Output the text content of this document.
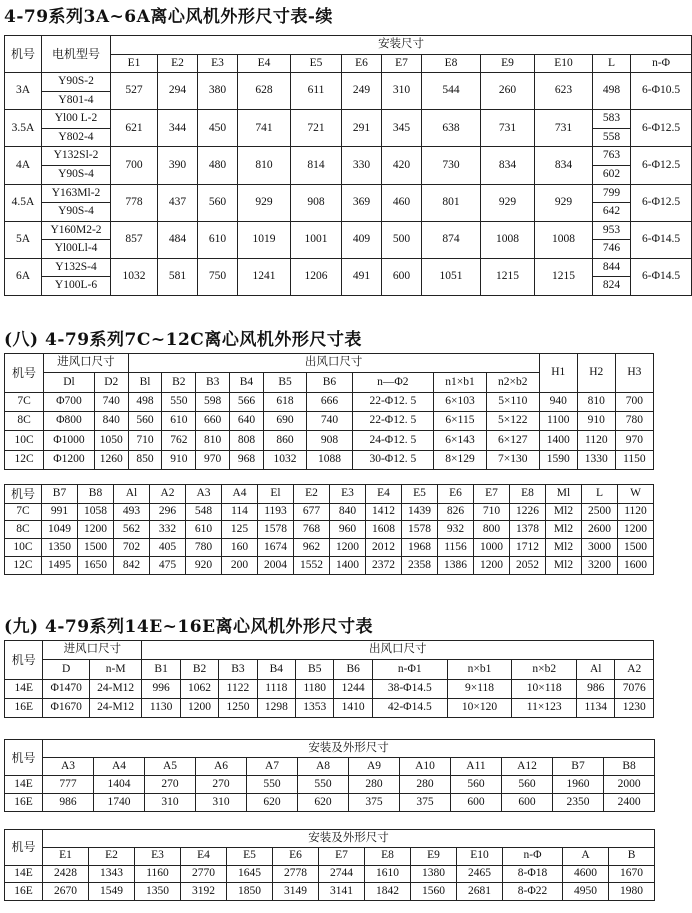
4-79系列3A~6A离心风机外形尺寸表-续
机号	电机型号	安装尺寸											
		E1	E2	E3	E4	E5	E6	E7	E8	E9	E10	L	n-Φ
3A	Y90S-2	527	294	380	628	611	249	310	544	260	623	498	6-Φ10.5
	Y801-4												
3.5A	Yl00 L-2	621	344	450	741	721	291	345	638	731	731	583	6-Φ12.5
	Y802-4											558	
4A	Y132Sl-2	700	390	480	810	814	330	420	730	834	834	763	6-Φ12.5
	Y90S-4											602	
4.5A	Y163Ml-2	778	437	560	929	908	369	460	801	929	929	799	6-Φ12.5
	Y90S-4											642	
5A	Y160M2-2	857	484	610	1019	1001	409	500	874	1008	1008	953	6-Φ14.5
	Yl00Ll-4											746	
6A	Y132S-4	1032	581	750	1241	1206	491	600	1051	1215	1215	844	6-Φ14.5
	Y100L-6											824	
(八) 4-79系列7C~12C离心风机外形尺寸表
机号	进风口尺寸		出风口尺寸									H1	H2	H3
	Dl	D2	Bl	B2	B3	B4	B5	B6	n—Φ2	n1×b1	n2×b2			
7C	Φ700	740	498	550	598	566	618	666	22-Φ12. 5	6×103	5×110	940	810	700
8C	Φ800	840	560	610	660	640	690	740	22-Φ12. 5	6×115	5×122	1100	910	780
10C	Φ1000	1050	710	762	810	808	860	908	24-Φ12. 5	6×143	6×127	1400	1120	970
12C	Φ1200	1260	850	910	970	968	1032	1088	30-Φ12. 5	8×129	7×130	1590	1330	1150
机号	B7	B8	Al	A2	A3	A4	El	E2	E3	E4	E5	E6	E7	E8	Ml	L	W
7C	991	1058	493	296	548	114	1193	677	840	1412	1439	826	710	1226	Ml2	2500	1120
8C	1049	1200	562	332	610	125	1578	768	960	1608	1578	932	800	1378	Ml2	2600	1200
10C	1350	1500	702	405	780	160	1674	962	1200	2012	1968	1156	1000	1712	Ml2	3000	1500
12C	1495	1650	842	475	920	200	2004	1552	1400	2372	2358	1386	1200	2052	Ml2	3200	1600
(九) 4-79系列14E~16E离心风机外形尺寸表
机号	进风口尺寸		出风口尺寸										
	D	n-M	B1	B2	B3	B4	B5	B6	n-Φ1	n×b1	n×b2	Al	A2
14E	Φ1470	24-M12	996	1062	1122	1118	1180	1244	38-Φ14.5	9×118	10×118	986	7076
16E	Φ1670	24-M12	1130	1200	1250	1298	1353	1410	42-Φ14.5	10×120	11×123	1134	1230
机号	安装及外形尺寸											
	A3	A4	A5	A6	A7	A8	A9	A10	A11	A12	B7	B8
14E	777	1404	270	270	550	550	280	280	560	560	1960	2000
16E	986	1740	310	310	620	620	375	375	600	600	2350	2400
机号	安装及外形尺寸												
	E1	E2	E3	E4	E5	E6	E7	E8	E9	E10	n-Φ	A	B
14E	2428	1343	1160	2770	1645	2778	2744	1610	1380	2465	8-Φ18	4600	1670
16E	2670	1549	1350	3192	1850	3149	3141	1842	1560	2681	8-Φ22	4950	1980
